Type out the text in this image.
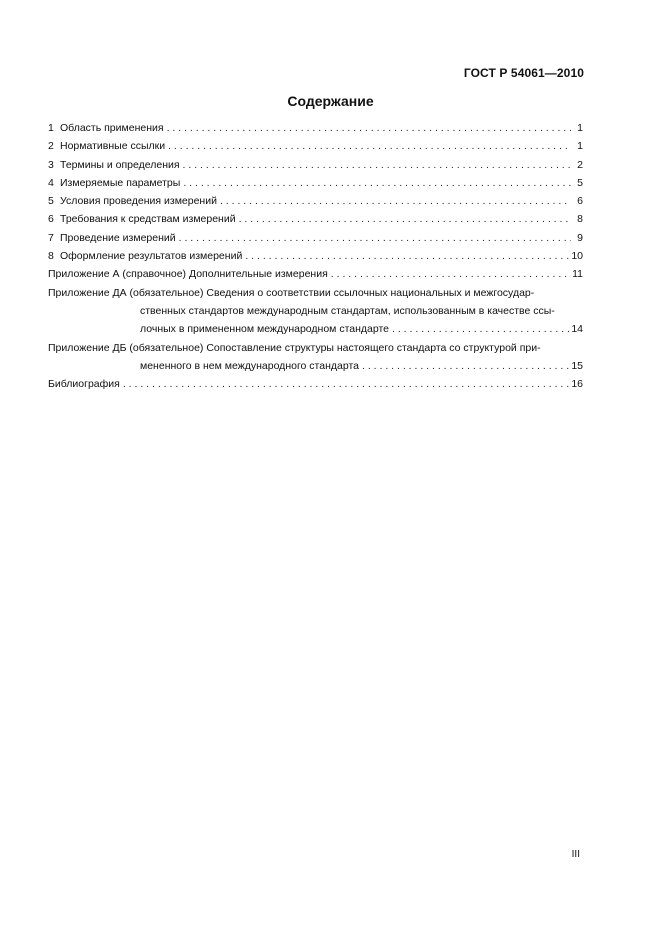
ГОСТ Р 54061—2010
Содержание
1 Область применения . . .	1
2 Нормативные ссылки . . .	1
3 Термины и определения . . .	2
4 Измеряемые параметры . . .	5
5 Условия проведения измерений . . .	6
6 Требования к средствам измерений . . .	8
7 Проведение измерений . . .	9
8 Оформление результатов измерений . . .	10
Приложение А (справочное) Дополнительные измерения . . .	11
Приложение ДА (обязательное) Сведения о соответствии ссылочных национальных и межгосудар-
ственных стандартов международным стандартам, использованным в качестве ссы-
лочных в примененном международном стандарте . . .	14
Приложение ДБ (обязательное) Сопоставление структуры настоящего стандарта со структурой при-
мененного в нем международного стандарта . . .	15
Библиография . . .	16
III
